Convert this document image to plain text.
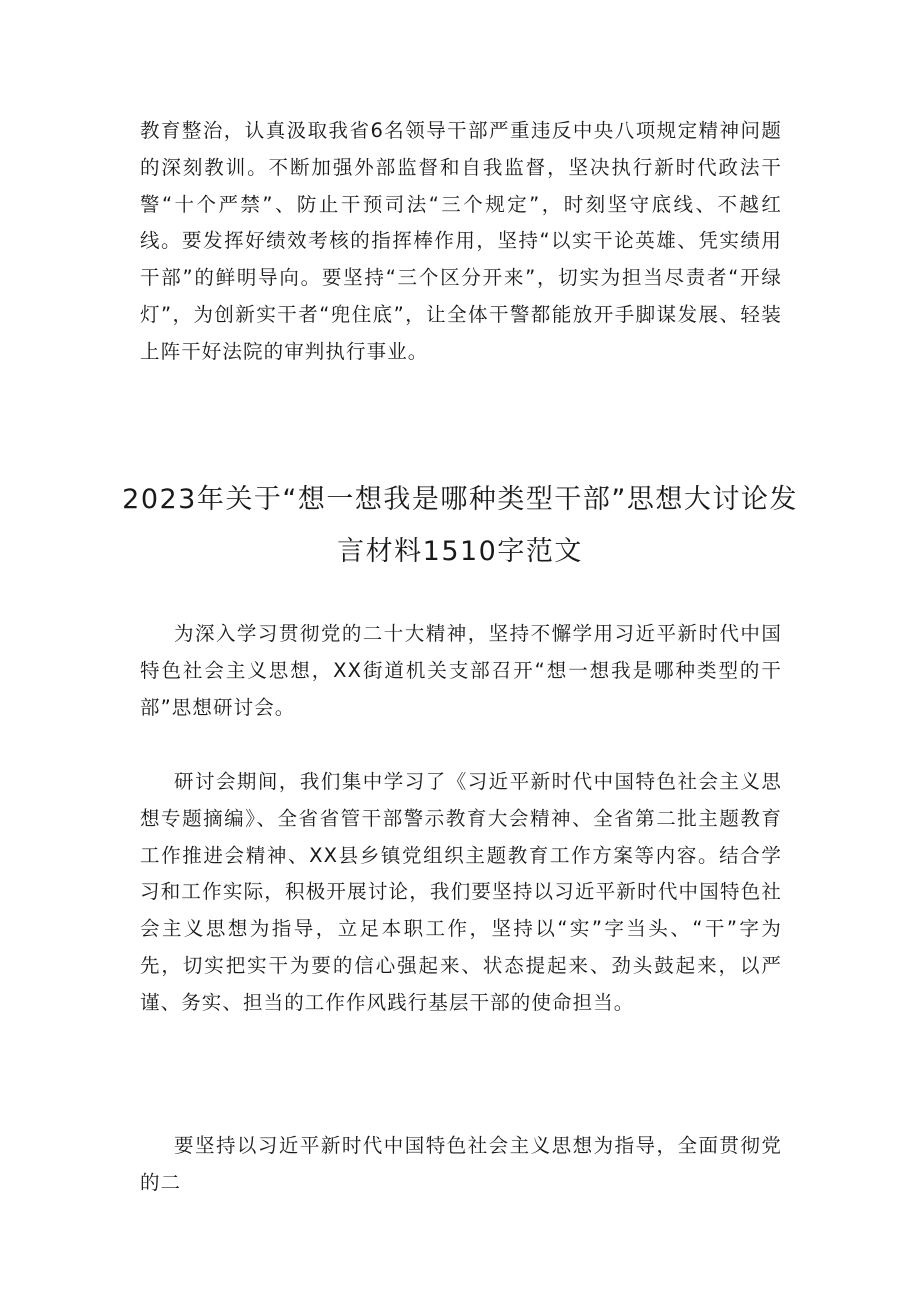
教育整治，认真汲取我省6名领导干部严重违反中央八项规定精神问题的深刻教训。不断加强外部监督和自我监督，坚决执行新时代政法干警“十个严禁”、防止干预司法“三个规定”，时刻坚守底线、不越红线。要发挥好绩效考核的指挥棒作用，坚持“以实干论英雄、凭实绩用干部”的鲜明导向。要坚持“三个区分开来”，切实为担当尽责者“开绿灯”，为创新实干者“兜住底”，让全体干警都能放开手脚谋发展、轻装上阵干好法院的审判执行事业。

2023年关于“想一想我是哪种类型干部”思想大讨论发言材料1510字范文

为深入学习贯彻党的二十大精神，坚持不懈学用习近平新时代中国特色社会主义思想，XX街道机关支部召开“想一想我是哪种类型的干部”思想研讨会。

研讨会期间，我们集中学习了《习近平新时代中国特色社会主义思想专题摘编》、全省省管干部警示教育大会精神、全省第二批主题教育工作推进会精神、XX县乡镇党组织主题教育工作方案等内容。结合学习和工作实际，积极开展讨论，我们要坚持以习近平新时代中国特色社会主义思想为指导，立足本职工作，坚持以“实”字当头、“干”字为先，切实把实干为要的信心强起来、状态提起来、劲头鼓起来，以严谨、务实、担当的工作作风践行基层干部的使命担当。

要坚持以习近平新时代中国特色社会主义思想为指导，全面贯彻党的二
